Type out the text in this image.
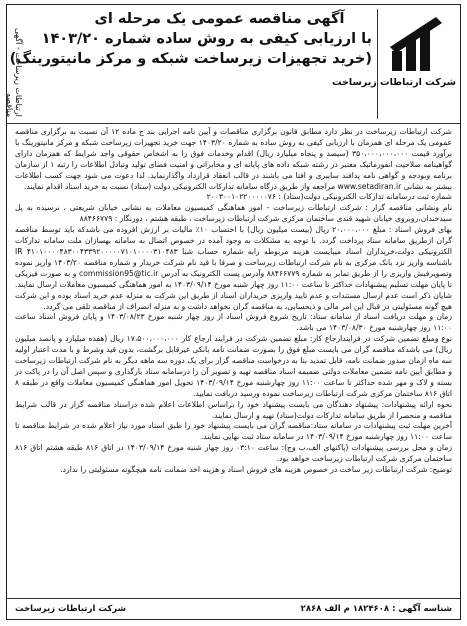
ارتباطات زیرساخت - آگهی مناقصه
آگهی مناقصه عمومی یک مرحله ای
با ارزیابی کیفی به روش ساده شماره ۱۴۰۳/۲۰
(خرید تجهیزات زیرساخت شبکه و مرکز مانیتورینگ)
شرکت ارتباطات زیرساخت

شرکت ارتباطات زیرساخت در نظر دارد مطابق قانون برگزاری مناقصات و آیین نامه اجرایی بند ج ماده ۱۲ آن نسبت به برگزاری مناقصه عمومی یک مرحله ای همزمان با ارزیابی کیفی به روش ساده به شماره ۱۴۰۳/۲۰ جهت خرید تجهیزات زیرساخت شبکه و مرکز مانیتورینگ با برآورد قیمت ۳۵۰،۰۰۰،۰۰۰،۰۰۰ (سیصد و پنجاه میلیارد ریال) اقدام وخدمات فوق را به اشخاص حقوقی واجد شرایط که همزمان دارای گواهینامه صلاحیت انفورماتیک معتبر در رشته شبکه داده های پایانه ای و مخابراتی و امنیت فضای تولید وتبادل اطلاعات را رتبه ۱ از سازمان برنامه وبودجه و گواهی نامه پدافند سایبری و افتا می باشند در قالب انعقاد قرارداد واگذارنماید. لذا دعوت می شود جهت کسب اطلاعات بیشتر به نشانی www.setadiran.ir مراجعه واز طریق درگاه سامانه تدارکات الکترونیکی دولت (ستاد) نسبت به خرید اسناد اقدام نمایند.

شماره ثبت درسامانه تدارکات الکترونیکی دولت(ستاد) : ۲۰۰۳۰۰۱۰۲۲۰۰۰۰۰۷۶

نام ونشانی مناقصه گزار : شرکت ارتباطات زیرساخت - امور هماهنگی کمیسیون معاملات به نشانی خیابان شریعتی ، نرسیده به پل سیدخندان،روبروی خیابان شهید قندی ساختمان مرکزی شرکت ارتباطات زیرساخت ، طبقه هشتم ، دورنگار : ۸۸۴۶۶۷۷۹

بهای فروش اسناد : مبلغ ۲۰،۰۰۰،۰۰۰ ریال (بیست میلیون ریال) با احتساب ۱۰٪ مالیات بر ارزش افزوده می باشدکه باید توسط مناقصه گران ازطریق سامانه ستاد پرداخت گردد. با توجه به مشکلات به وجود آمده در خصوص اتصال به سامانه بهسازان ملت سامانه تدارکات الکترونیکی دولت،خریداران اسناد میبایست هزینه مربوطه رابه شماره حساب شبا IR ۴۱۰۱۰۰۰۰۴۸۳۰۰۴۳۳۹۲۰۰۰۰۰۷۱۰۱۰۰۰۰۳۱۰۴۸۳ باشناسه واریز نزد بانک مرکزی به نام شرکت ارتباطات زیرساخت و صرفا با قید نام شرکت خریدار و شماره مناقصه ۱۴۰۳/۲۰ واریز نموده وتصویرفیش واریزی را از طریق تمابر به شماره ۸۸۴۶۶۷۷۹ وآدرس پست الکترونیک به آدرس commission95@tic.ir و به صورت فیزیکی تا پایان مهلت تسلیم پیشنهادات حداکثر تا ساعت ۱۱:۰۰ روز چهار شنبه مورخ ۱۴۰۳/۰۹/۱۴ به امور هماهنگی کمیسیون معاملات ارسال نمایند. شایان ذکر است عدم ارسال مستندات و عدم تایید واریزی خریداران اسناد از طریق این شرکت به منزله عدم خرید اسناد بوده و این شرکت هیچ گونه مسئولیتی در قبال این امر مالی و ذیحسابی، به مناقصه گران نخواهد داشت و به منزله انصراف از مناقصه تلقی می گردد.

زمان و مهلت دریافت اسناد از سامانه ستاد: تاریخ شروع فروش اسناد از روز چهار شنبه مورخ ۱۴۰۳/۰۸/۲۳ و پایان فروش اسناد ساعت ۱۱:۰۰ روز چهارشنبه مورخ ۱۴۰۳/۰۸/۳۰ می باشد.

نوع ومبلغ تضمین شرکت در فرایندارجاع کار: مبلغ تضمین شرکت در فرایند ارجاع کار ۱۷،۵۰۰،۰۰۰،۰۰۰ ریال (هفده میلیارد و پانصد میلیون ریال) می باشدکه مناقصه گران می بایست مبلغ فوق را بصورت ضمانت نامه بانکی غیرقابل برگشت، بدون قید وشرط و با مدت اعتبار اولیه سه ماه ازمان صدور ضمانت نامه، قابل تمدید بنا به درخواست مناقصه گزار برای یک دوره سه ماهه دیگر به نام شرکت ارتباطات زیرساخت و مطابق آیین نامه تضمین معاملات دولتی ضمیمه اسناد مناقصه تهیه و تصویر آن را درسامانه ستاد بارگذاری و سپس اصل آن را در پاکت در بسته و لاک و مهر شده حداکثر تا ساعت ۱۱:۰۰ روز چهارشنبه مورخ ۱۴۰۳/۰۹/۱۴ تحویل امور هماهنگی کمیسیون معاملات واقع در طبقه ۸ اتاق ۸۱۶ ساختمان مرکزی شرکت ارتباطات زیرساخت نموده ورسید دریافت نمایید.

نحوه ارائه پیشنهادات: پیشنهاد دهندگان می بایست پیشنهاد خود را براساس اطلاعات اعلام شده دراسناد مناقصه گزار در قالب شرایط مناقصه و منحصرا از طریق سامانه تدارکات دولت(ستاد) تهیه و ارسال نمایند.

آخرین مهلت ثبت پیشنهادات در سامانه ستاد:مناقصه گران می بایست پیشنهاد خود را طبق اسناد مورد نیاز اعلام شده در شرایط مناقصه تا ساعت ۱۱:۰۰ روز چهارشنبه مورخ ۱۴۰۳/۰۹/۱۴ در سامانه ستاد ثبت نهایی نمایند.

زمان و محل بررسی پیشنهادات (پاکتهای الف،ب وج): ساعت ۰۳:۱۰ روز چهار شنبه مورخ ۱۴۰۳/۰۹/۱۴ در اتاق ۸۱۶ طبقه هشتم اتاق ۸۱۶ ساختمان مرکزی شرکت ارتباطات زیرساخت خواهد بود.

توضیح: شرکت ارتباطات زیر ساخت در خصوص هزینه های فروش اسناد و هزینه اخذ ضمانت نامه هیچگونه مسئولیتی را ندارد.

شناسه آگهی : ۱۸۲۴۶۰۸ م الف ۲۸۶۸
شرکت ارتباطات زیرساخت
